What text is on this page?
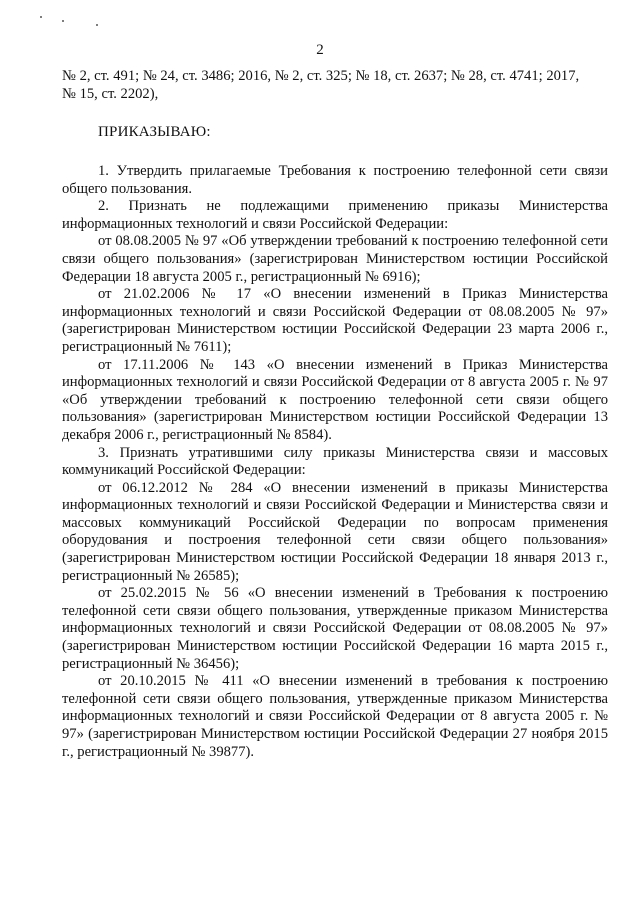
2
№ 2, ст. 491; № 24, ст. 3486; 2016, № 2, ст. 325; № 18, ст. 2637; № 28, ст. 4741; 2017,
№ 15, ст. 2202),
ПРИКАЗЫВАЮ:
1. Утвердить прилагаемые Требования к построению телефонной сети связи общего пользования.
2. Признать не подлежащими применению приказы Министерства информационных технологий и связи Российской Федерации:
от 08.08.2005 № 97 «Об утверждении требований к построению телефонной сети связи общего пользования» (зарегистрирован Министерством юстиции Российской Федерации 18 августа 2005 г., регистрационный № 6916);
от 21.02.2006 № 17 «О внесении изменений в Приказ Министерства информационных технологий и связи Российской Федерации от 08.08.2005 № 97» (зарегистрирован Министерством юстиции Российской Федерации 23 марта 2006 г., регистрационный № 7611);
от 17.11.2006 № 143 «О внесении изменений в Приказ Министерства информационных технологий и связи Российской Федерации от 8 августа 2005 г. № 97 «Об утверждении требований к построению телефонной сети связи общего пользования» (зарегистрирован Министерством юстиции Российской Федерации 13 декабря 2006 г., регистрационный № 8584).
3. Признать утратившими силу приказы Министерства связи и массовых коммуникаций Российской Федерации:
от 06.12.2012 № 284 «О внесении изменений в приказы Министерства информационных технологий и связи Российской Федерации и Министерства связи и массовых коммуникаций Российской Федерации по вопросам применения оборудования и построения телефонной сети связи общего пользования» (зарегистрирован Министерством юстиции Российской Федерации 18 января 2013 г., регистрационный № 26585);
от 25.02.2015 № 56 «О внесении изменений в Требования к построению телефонной сети связи общего пользования, утвержденные приказом Министерства информационных технологий и связи Российской Федерации от 08.08.2005 № 97» (зарегистрирован Министерством юстиции Российской Федерации 16 марта 2015 г., регистрационный № 36456);
от 20.10.2015 № 411 «О внесении изменений в требования к построению телефонной сети связи общего пользования, утвержденные приказом Министерства информационных технологий и связи Российской Федерации от 8 августа 2005 г. № 97» (зарегистрирован Министерством юстиции Российской Федерации 27 ноября 2015 г., регистрационный № 39877).
